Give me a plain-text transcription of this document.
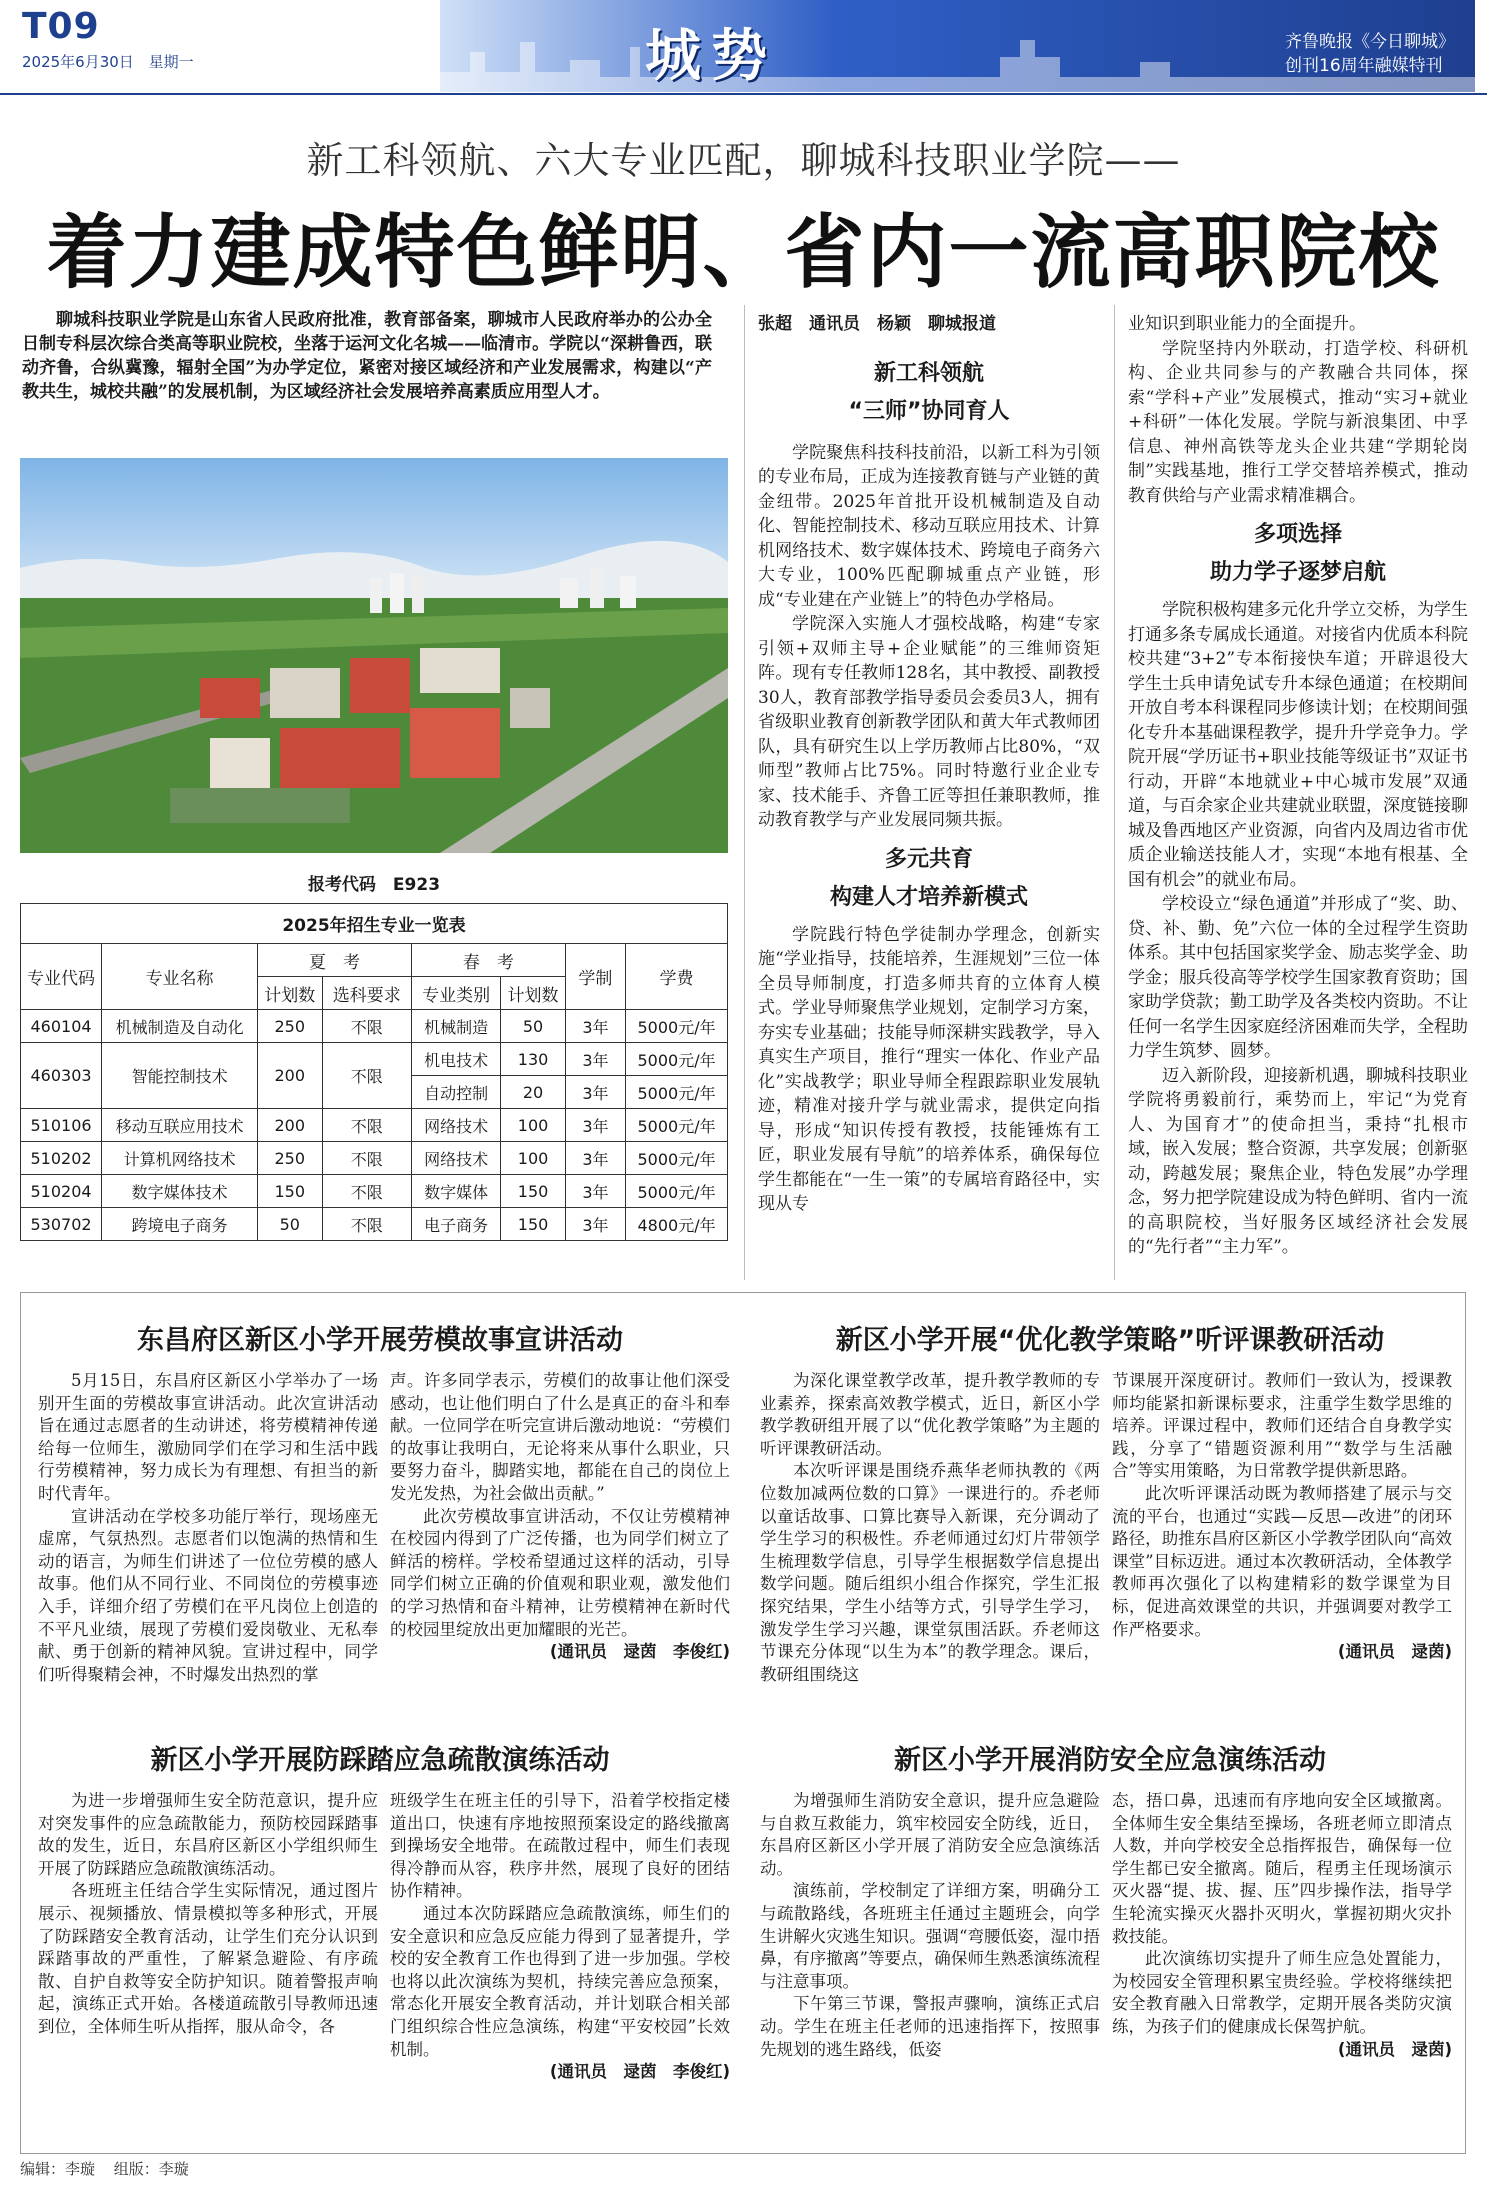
T09
2025年6月30日 星期一	城势	齐鲁晚报《今日聊城》
创刊16周年融媒特刊
新工科领航、六大专业匹配，聊城科技职业学院——
着力建成特色鲜明、省内一流高职院校
聊城科技职业学院是山东省人民政府批准，教育部备案，聊城市人民政府举办的公办全日制专科层次综合类高等职业院校，坐落于运河文化名城——临清市。学院以“深耕鲁西，联动齐鲁，合纵冀豫，辐射全国”为办学定位，紧密对接区域经济和产业发展需求，构建以“产教共生，城校共融”的发展机制，为区域经济社会发展培养高素质应用型人才。
报考代码　E923
2025年招生专业一览表							
专业代码	专业名称	夏　考		春　考		学制	学费
		计划数	选科要求	专业类别	计划数		
460104	机械制造及自动化	250	不限	机械制造	50	3年	5000元/年
460303	智能控制技术	200	不限	机电技术	130	3年	5000元/年
				自动控制	20	3年	5000元/年
510106	移动互联应用技术	200	不限	网络技术	100	3年	5000元/年
510202	计算机网络技术	250	不限	网络技术	100	3年	5000元/年
510204	数字媒体技术	150	不限	数字媒体	150	3年	5000元/年
530702	跨境电子商务	50	不限	电子商务	150	3年	4800元/年
张超　通讯员　杨颖　聊城报道
新工科领航
“三师”协同育人

学院聚焦科技科技前沿，以新工科为引领的专业布局，正成为连接教育链与产业链的黄金纽带。2025年首批开设机械制造及自动化、智能控制技术、移动互联应用技术、计算机网络技术、数字媒体技术、跨境电子商务六大专业，100%匹配聊城重点产业链，形成“专业建在产业链上”的特色办学格局。

学院深入实施人才强校战略，构建“专家引领+双师主导+企业赋能”的三维师资矩阵。现有专任教师128名，其中教授、副教授30人，教育部教学指导委员会委员3人，拥有省级职业教育创新教学团队和黄大年式教师团队，具有研究生以上学历教师占比80%，“双师型”教师占比75%。同时特邀行业企业专家、技术能手、齐鲁工匠等担任兼职教师，推动教育教学与产业发展同频共振。

多元共育
构建人才培养新模式

学院践行特色学徒制办学理念，创新实施“学业指导，技能培养，生涯规划”三位一体全员导师制度，打造多师共育的立体育人模式。学业导师聚焦学业规划，定制学习方案，夯实专业基础；技能导师深耕实践教学，导入真实生产项目，推行“理实一体化、作业产品化”实战教学；职业导师全程跟踪职业发展轨迹，精准对接升学与就业需求，提供定向指导，形成“知识传授有教授，技能锤炼有工匠，职业发展有导航”的培养体系，确保每位学生都能在“一生一策”的专属培育路径中，实现从专

业知识到职业能力的全面提升。

学院坚持内外联动，打造学校、科研机构、企业共同参与的产教融合共同体，探索“学科+产业”发展模式，推动“实习+就业+科研”一体化发展。学院与新浪集团、中孚信息、神州高铁等龙头企业共建“学期轮岗制”实践基地，推行工学交替培养模式，推动教育供给与产业需求精准耦合。

多项选择
助力学子逐梦启航

学院积极构建多元化升学立交桥，为学生打通多条专属成长通道。对接省内优质本科院校共建“3+2”专本衔接快车道；开辟退役大学生士兵申请免试专升本绿色通道；在校期间开放自考本科课程同步修读计划；在校期间强化专升本基础课程教学，提升升学竞争力。学院开展“学历证书+职业技能等级证书”双证书行动，开辟“本地就业+中心城市发展”双通道，与百余家企业共建就业联盟，深度链接聊城及鲁西地区产业资源，向省内及周边省市优质企业输送技能人才，实现“本地有根基、全国有机会”的就业布局。

学校设立“绿色通道”并形成了“奖、助、贷、补、勤、免”六位一体的全过程学生资助体系。其中包括国家奖学金、励志奖学金、助学金；服兵役高等学校学生国家教育资助；国家助学贷款；勤工助学及各类校内资助。不让任何一名学生因家庭经济困难而失学，全程助力学生筑梦、圆梦。

迈入新阶段，迎接新机遇，聊城科技职业学院将勇毅前行，乘势而上，牢记“为党育人、为国育才”的使命担当，秉持“扎根市域，嵌入发展；整合资源，共享发展；创新驱动，跨越发展；聚焦企业，特色发展”办学理念，努力把学院建设成为特色鲜明、省内一流的高职院校，当好服务区域经济社会发展的“先行者”“主力军”。

东昌府区新区小学开展劳模故事宣讲活动

5月15日，东昌府区新区小学举办了一场别开生面的劳模故事宣讲活动。此次宣讲活动旨在通过志愿者的生动讲述，将劳模精神传递给每一位师生，激励同学们在学习和生活中践行劳模精神，努力成长为有理想、有担当的新时代青年。

宣讲活动在学校多功能厅举行，现场座无虚席，气氛热烈。志愿者们以饱满的热情和生动的语言，为师生们讲述了一位位劳模的感人故事。他们从不同行业、不同岗位的劳模事迹入手，详细介绍了劳模们在平凡岗位上创造的不平凡业绩，展现了劳模们爱岗敬业、无私奉献、勇于创新的精神风貌。宣讲过程中，同学们听得聚精会神，不时爆发出热烈的掌

声。许多同学表示，劳模们的故事让他们深受感动，也让他们明白了什么是真正的奋斗和奉献。一位同学在听完宣讲后激动地说：“劳模们的故事让我明白，无论将来从事什么职业，只要努力奋斗，脚踏实地，都能在自己的岗位上发光发热，为社会做出贡献。”

此次劳模故事宣讲活动，不仅让劳模精神在校园内得到了广泛传播，也为同学们树立了鲜活的榜样。学校希望通过这样的活动，引导同学们树立正确的价值观和职业观，激发他们的学习热情和奋斗精神，让劳模精神在新时代的校园里绽放出更加耀眼的光芒。

(通讯员　逯茵　李俊红)
新区小学开展“优化教学策略”听评课教研活动

为深化课堂教学改革，提升教学教师的专业素养，探索高效教学模式，近日，新区小学教学教研组开展了以“优化教学策略”为主题的听评课教研活动。

本次听评课是围绕乔燕华老师执教的《两位数加减两位数的口算》一课进行的。乔老师以童话故事、口算比赛导入新课，充分调动了学生学习的积极性。乔老师通过幻灯片带领学生梳理数学信息，引导学生根据数学信息提出数学问题。随后组织小组合作探究，学生汇报探究结果，学生小结等方式，引导学生学习，激发学生学习兴趣，课堂氛围活跃。乔老师这节课充分体现“以生为本”的教学理念。课后，教研组围绕这

节课展开深度研讨。教师们一致认为，授课教师均能紧扣新课标要求，注重学生数学思维的培养。评课过程中，教师们还结合自身教学实践，分享了“错题资源利用”“数学与生活融合”等实用策略，为日常教学提供新思路。

此次听评课活动既为教师搭建了展示与交流的平台，也通过“实践—反思—改进”的闭环路径，助推东昌府区新区小学教学团队向“高效课堂”目标迈进。通过本次教研活动，全体教学教师再次强化了以构建精彩的数学课堂为目标，促进高效课堂的共识，并强调要对教学工作严格要求。

(通讯员　逯茵)
新区小学开展防踩踏应急疏散演练活动

为进一步增强师生安全防范意识，提升应对突发事件的应急疏散能力，预防校园踩踏事故的发生，近日，东昌府区新区小学组织师生开展了防踩踏应急疏散演练活动。

各班班主任结合学生实际情况，通过图片展示、视频播放、情景模拟等多种形式，开展了防踩踏安全教育活动，让学生们充分认识到踩踏事故的严重性，了解紧急避险、有序疏散、自护自救等安全防护知识。随着警报声响起，演练正式开始。各楼道疏散引导教师迅速到位，全体师生听从指挥，服从命令，各

班级学生在班主任的引导下，沿着学校指定楼道出口，快速有序地按照预案设定的路线撤离到操场安全地带。在疏散过程中，师生们表现得冷静而从容，秩序井然，展现了良好的团结协作精神。

通过本次防踩踏应急疏散演练，师生们的安全意识和应急反应能力得到了显著提升，学校的安全教育工作也得到了进一步加强。学校也将以此次演练为契机，持续完善应急预案，常态化开展安全教育活动，并计划联合相关部门组织综合性应急演练，构建“平安校园”长效机制。

(通讯员　逯茵　李俊红)
新区小学开展消防安全应急演练活动

为增强师生消防安全意识，提升应急避险与自救互救能力，筑牢校园安全防线，近日，东昌府区新区小学开展了消防安全应急演练活动。

演练前，学校制定了详细方案，明确分工与疏散路线，各班班主任通过主题班会，向学生讲解火灾逃生知识。强调“弯腰低姿，湿巾捂鼻，有序撤离”等要点，确保师生熟悉演练流程与注意事项。

下午第三节课，警报声骤响，演练正式启动。学生在班主任老师的迅速指挥下，按照事先规划的逃生路线，低姿

态，捂口鼻，迅速而有序地向安全区域撤离。全体师生安全集结至操场，各班老师立即清点人数，并向学校安全总指挥报告，确保每一位学生都已安全撤离。随后，程勇主任现场演示灭火器“提、拔、握、压”四步操作法，指导学生轮流实操灭火器扑灭明火，掌握初期火灾扑救技能。

此次演练切实提升了师生应急处置能力，为校园安全管理积累宝贵经验。学校将继续把安全教育融入日常教学，定期开展各类防灾演练，为孩子们的健康成长保驾护航。

(通讯员　逯茵)
编辑：李璇 组版：李璇
